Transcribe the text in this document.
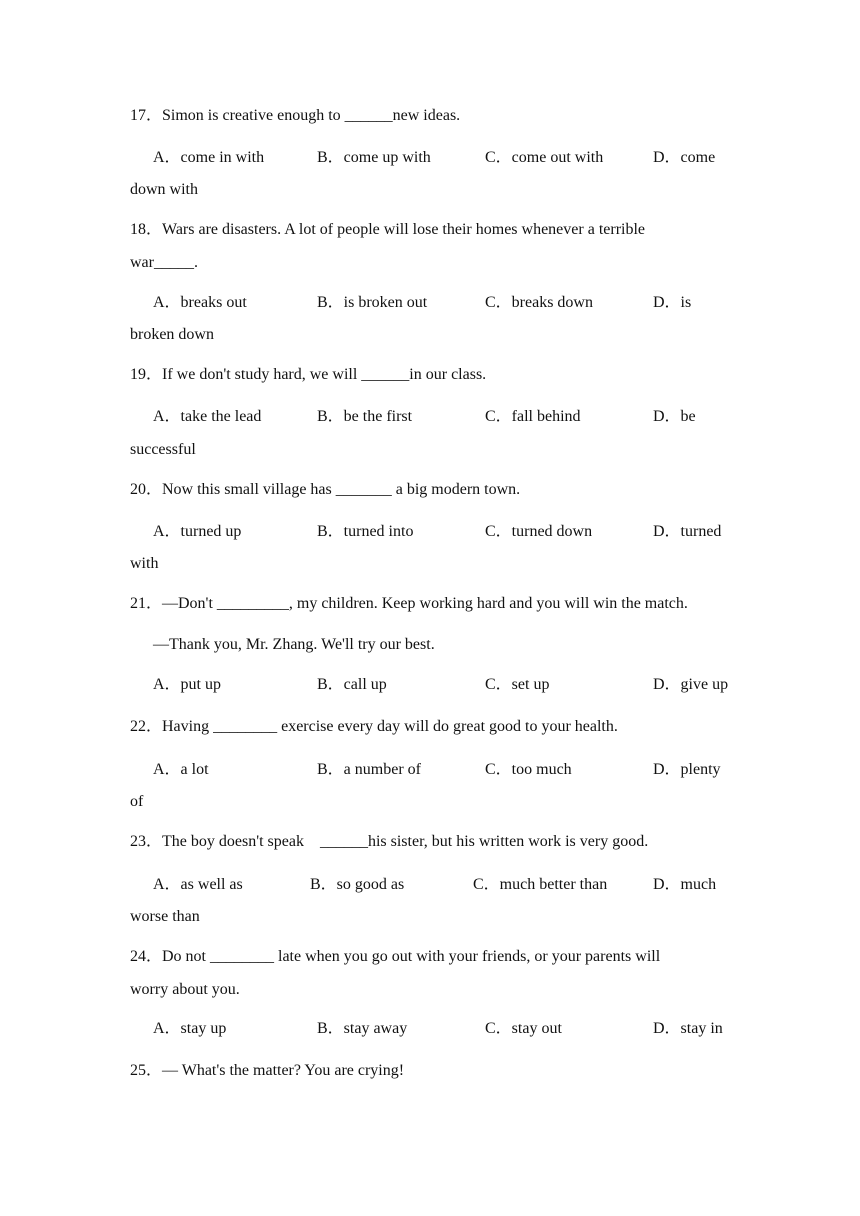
17．Simon is creative enough to ______new ideas.
A．come in with	B．come up with	C．come out with	D．come
down with
18．Wars are disasters. A lot of people will lose their homes whenever a terrible
war_____.
A．breaks out	B．is broken out	C．breaks down	D．is
broken down
19．If we don't study hard, we will ______in our class.
A．take the lead	B．be the first	C．fall behind	D．be
successful
20．Now this small village has _______ a big modern town.
A．turned up	B．turned into	C．turned down	D．turned
with
21．—Don't _________, my children. Keep working hard and you will win the match.
—Thank you, Mr. Zhang. We'll try our best.
A．put up	B．call up	C．set up	D．give up
22．Having ________ exercise every day will do great good to your health.
A．a lot	B．a number of	C．too much	D．plenty
of
23．The boy doesn't speak    ______his sister, but his written work is very good.
A．as well as	B．so good as	C．much better than	D．much
worse than
24．Do not ________ late when you go out with your friends, or your parents will
worry about you.
A．stay up	B．stay away	C．stay out	D．stay in
25．— What's the matter? You are crying!
